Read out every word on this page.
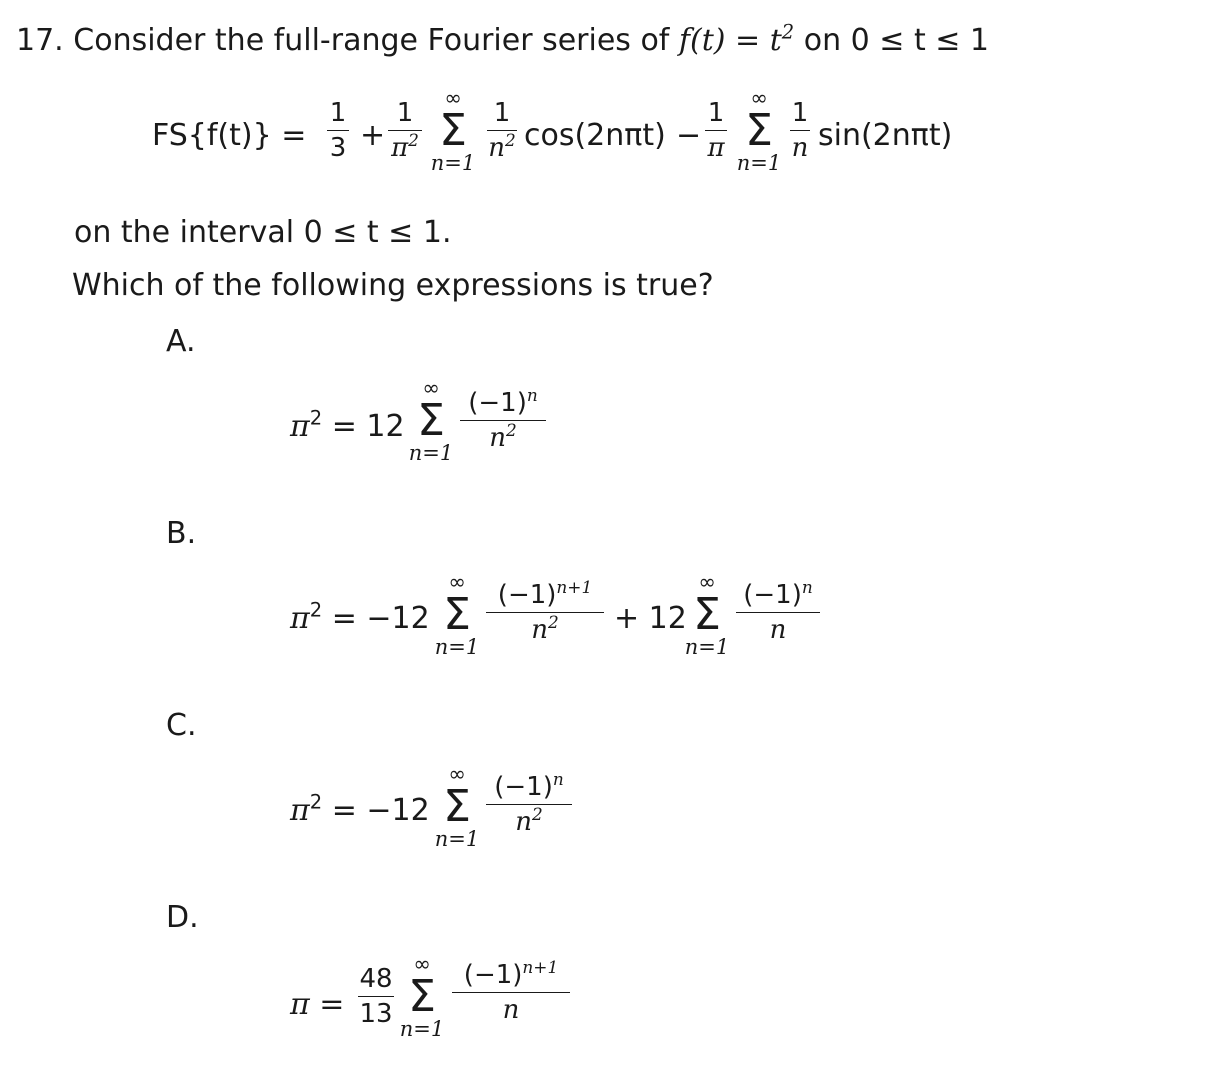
17. Consider the full-range Fourier series of $f(t) = t^2$ on 0 ≤ t ≤ 1
FS{f(t)} =
1
3 +
1
$\pi^2$
∞
Σ
n=1
1
$n^2$ cos(2nπt) −
1
π
∞
Σ
n=1
1
n sin(2nπt)
on the interval 0 ≤ t ≤ 1.
Which of the following expressions is true?
A.
$\pi^2 = 12$
∞
Σ
n=1
$(-1)^n$
$n^2$
B.
$\pi^2 = -12$
∞
Σ
n=1
$(-1)^{n+1}$
$n^2 + 12$
∞
Σ
n=1
$(-1)^n$
n
C.
$\pi^2 = -12$
∞
Σ
n=1
$(-1)^n$
$n^2$
D.
π =
48
13
∞
Σ
n=1
$(-1)^{n+1}$
n
